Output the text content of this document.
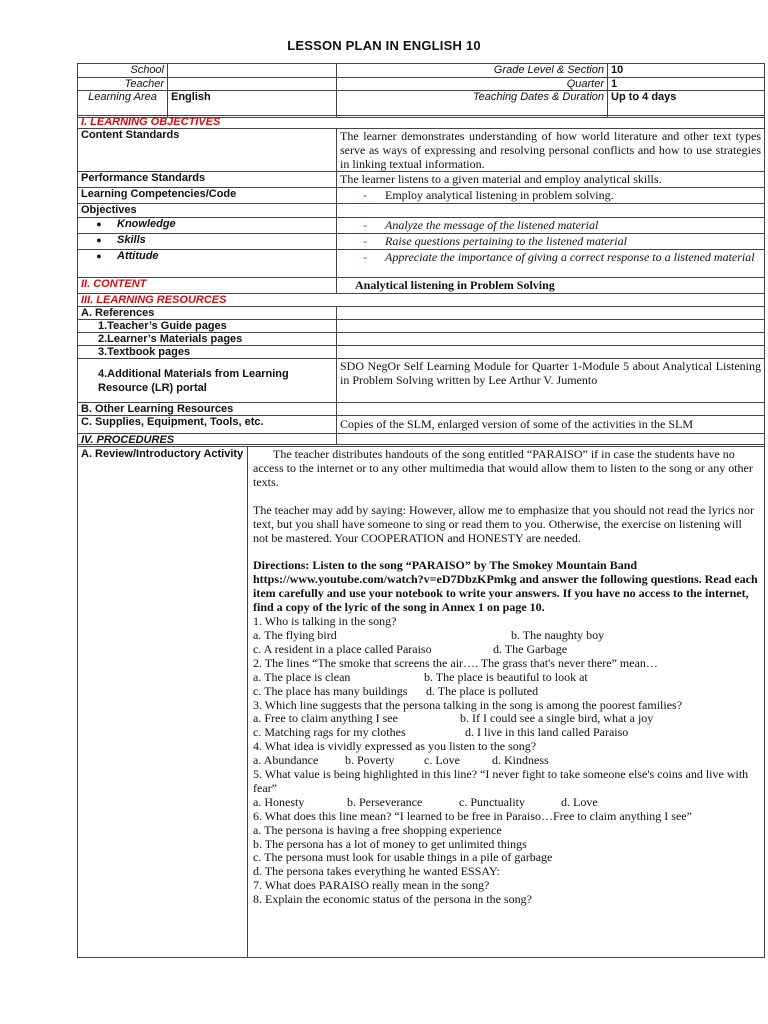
LESSON PLAN IN ENGLISH 10
School		Grade Level & Section	10
Teacher		Quarter	1
Learning Area	English	Teaching Dates & Duration	Up to 4 days
I. LEARNING OBJECTIVES	
Content Standards	The learner demonstrates understanding of how world literature and other text types serve as ways of expressing and resolving personal conflicts and how to use strategies in linking textual information.
Performance Standards	The learner listens to a given material and employ analytical skills.
Learning Competencies/Code	- Employ analytical listening in problem solving.
Objectives	
● Knowledge	- Analyze the message of the listened material
● Skills	- Raise questions pertaining to the listened material
● Attitude	- Appreciate the importance of giving a correct response to a listened material

II. CONTENT	Analytical listening in Problem Solving
III. LEARNING RESOURCES	
A. References	
1.Teacher’s Guide pages	
2.Learner’s Materials pages	
3.Textbook pages	
4.Additional Materials from Learning Resource (LR) portal	SDO NegOr Self Learning Module for Quarter 1-Module 5 about Analytical Listening in Problem Solving written by Lee Arthur V. Jumento
B. Other Learning Resources	
C. Supplies, Equipment, Tools, etc.	Copies of the SLM, enlarged version of some of the activities in the SLM
IV. PROCEDURES

A. Review/Introductory Activity	The teacher distributes handouts of the song entitled “PARAISO” if in case the students have no access to the internet or to any other multimedia that would allow them to listen to the song or any other texts.

The teacher may add by saying: However, allow me to emphasize that you should not read the lyrics nor text, but you shall have someone to sing or read them to you. Otherwise, the exercise on listening will not be mastered. Your COOPERATION and HONESTY are needed.

Directions: Listen to the song “PARAISO” by The Smokey Mountain Band https://www.youtube.com/watch?v=eD7DbzKPmkg and answer the following questions. Read each item carefully and use your notebook to write your answers. If you have no access to the internet, find a copy of the lyric of the song in Annex 1 on page 10.

1. Who is talking in the song?

a. The flying bird	b. The naughty boy
c. A resident in a place called Paraiso	d. The Garbage

2. The lines “The smoke that screens the air…. The grass that's never there” mean…

a. The place is clean	b. The place is beautiful to look at
c. The place has many buildings	d. The place is polluted

3. Which line suggests that the persona talking in the song is among the poorest families?

a. Free to claim anything I see	b. If I could see a single bird, what a joy
c. Matching rags for my clothes	d. I live in this land called Paraiso

4. What idea is vividly expressed as you listen to the song?

a. Abundance	b. Poverty	c. Love	d. Kindness

5. What value is being highlighted in this line? “I never fight to take someone else's coins and live with fear”

a. Honesty	b. Perseverance	c. Punctuality	d. Love

6. What does this line mean? “I learned to be free in Paraiso…Free to claim anything I see”

a. The persona is having a free shopping experience

b. The persona has a lot of money to get unlimited things

c. The persona must look for usable things in a pile of garbage

d. The persona takes everything he wanted ESSAY:

7. What does PARAISO really mean in the song?

8. Explain the economic status of the persona in the song?
